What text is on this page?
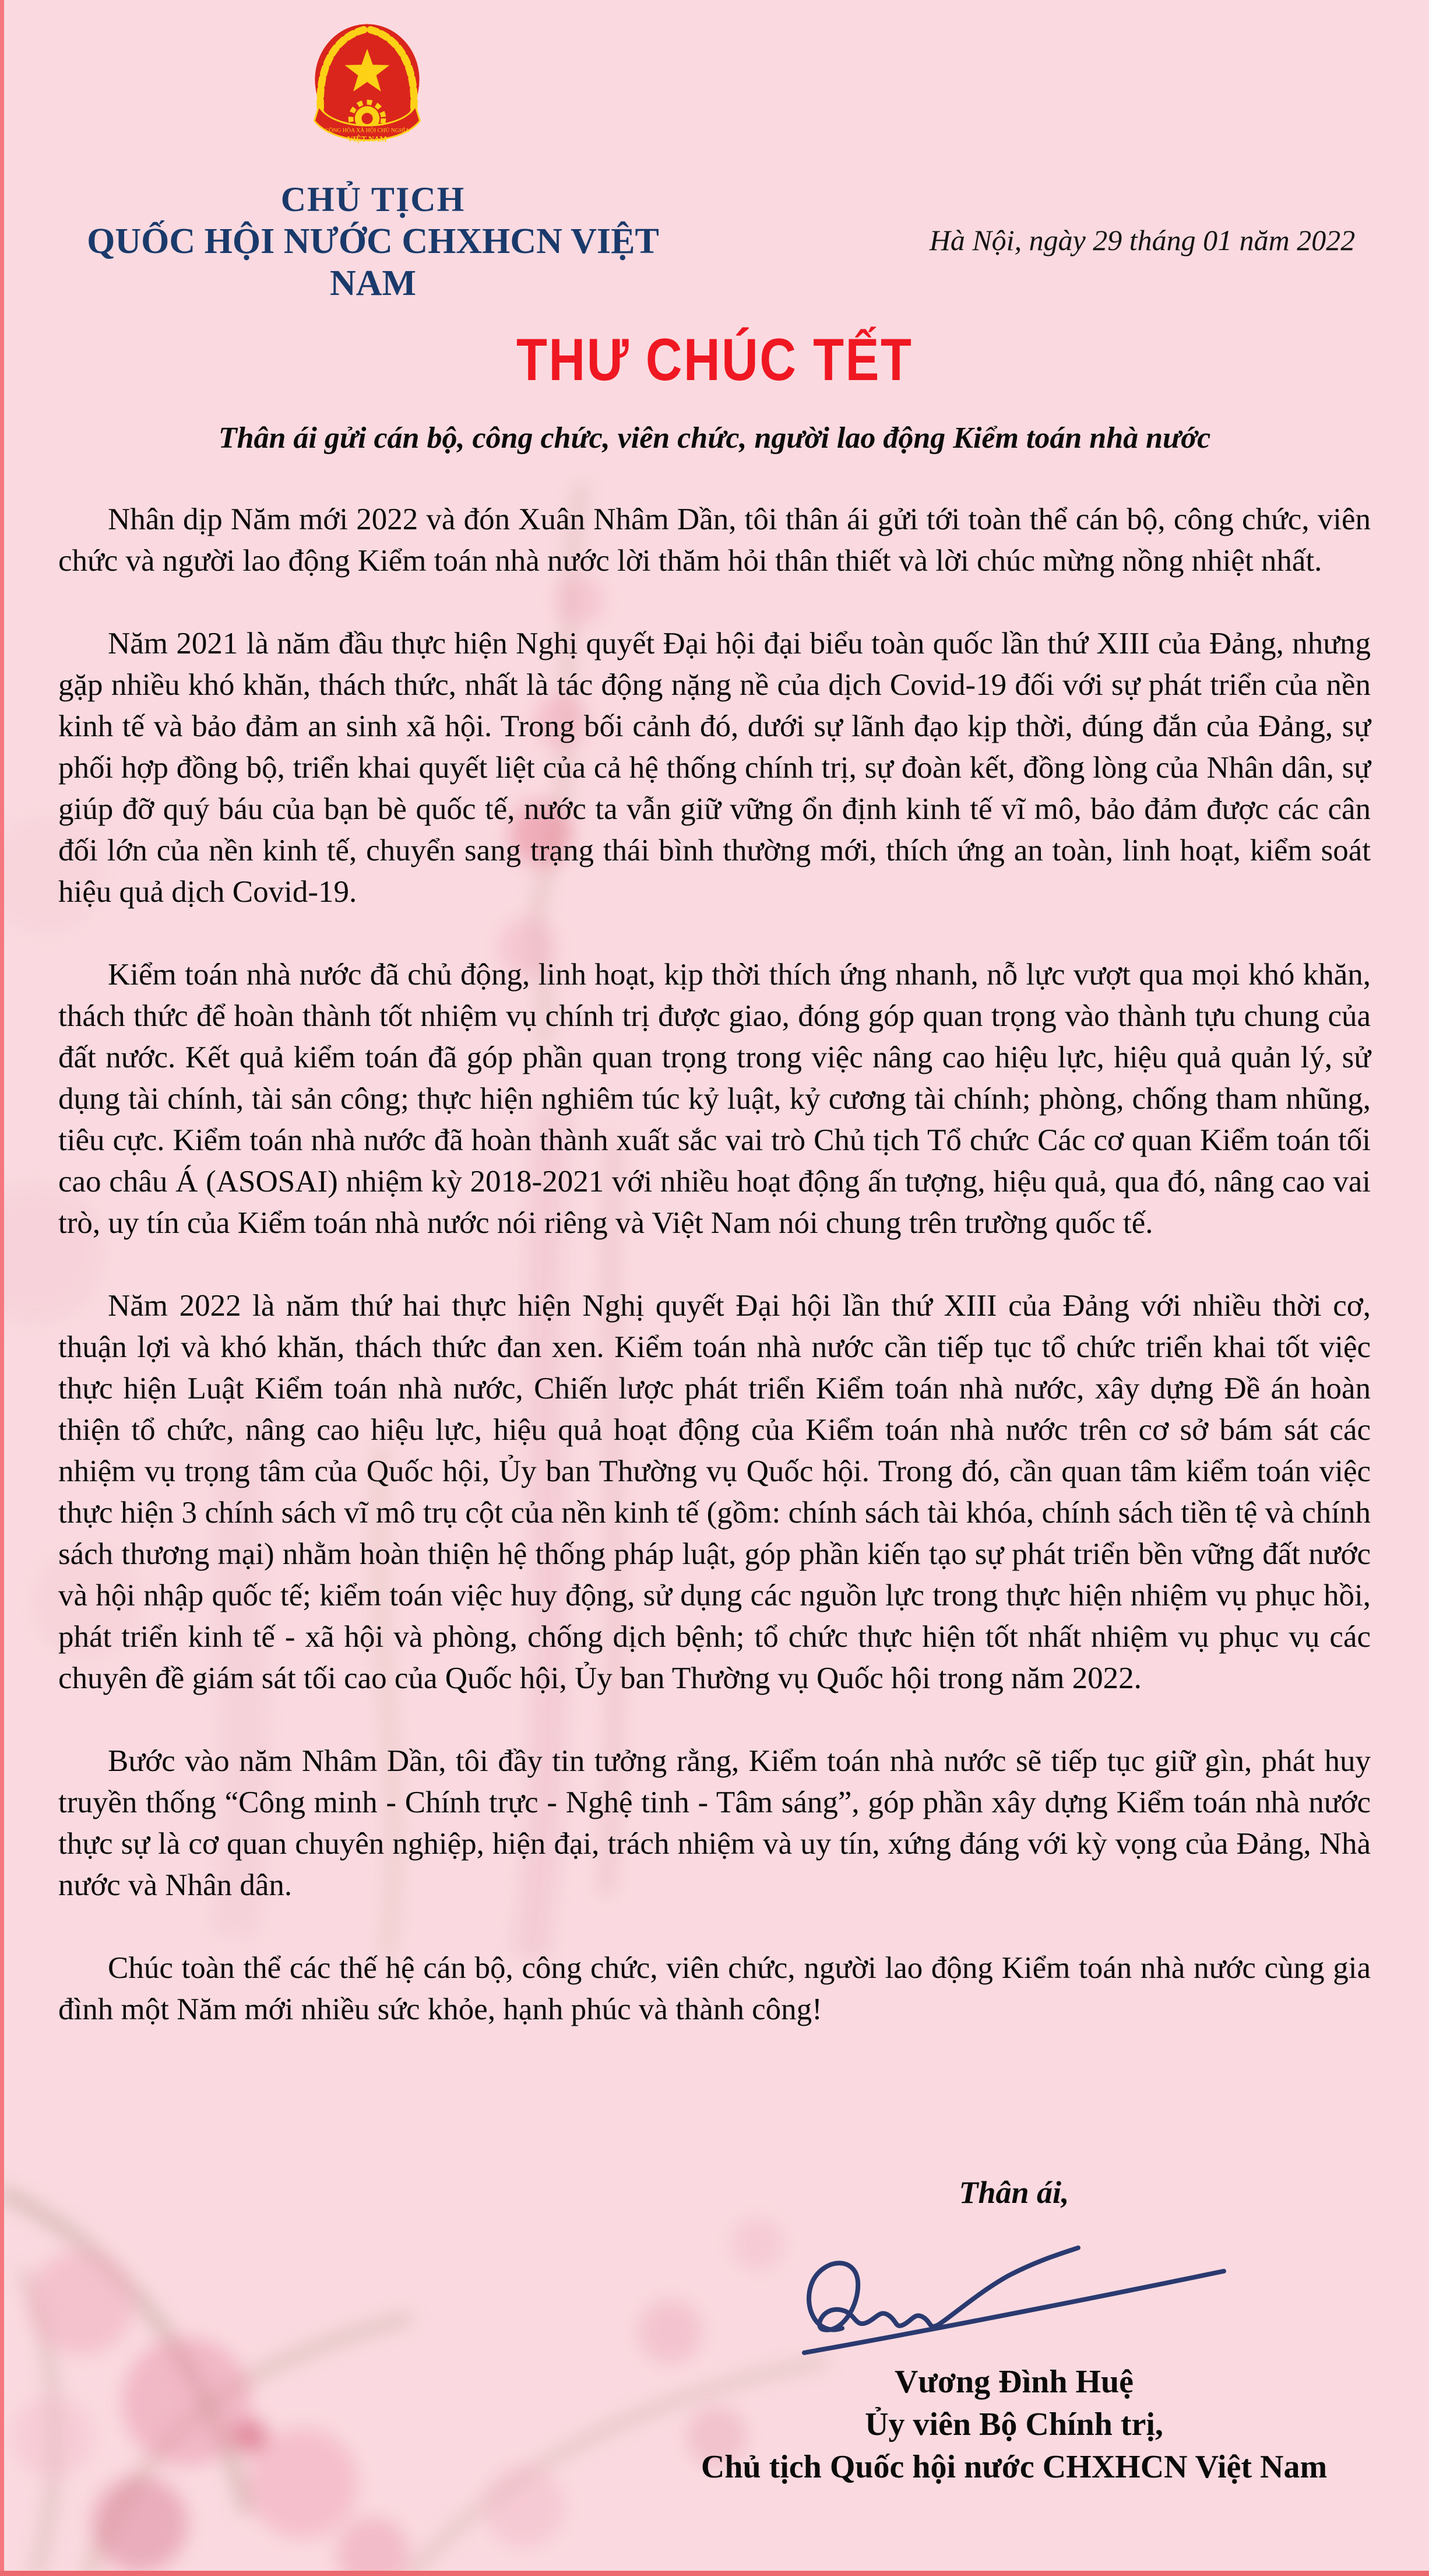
CỘNG HÒA XÃ HỘI CHỦ NGHĨA
VIỆT NAM
CHỦ TỊCH
QUỐC HỘI NƯỚC CHXHCN VIỆT NAM
Hà Nội, ngày 29 tháng 01 năm 2022
THƯ CHÚC TẾT
Thân ái gửi cán bộ, công chức, viên chức, người lao động Kiểm toán nhà nước

Nhân dịp Năm mới 2022 và đón Xuân Nhâm Dần, tôi thân ái gửi tới toàn thể cán bộ, công chức, viên chức và người lao động Kiểm toán nhà nước lời thăm hỏi thân thiết và lời chúc mừng nồng nhiệt nhất.

Năm 2021 là năm đầu thực hiện Nghị quyết Đại hội đại biểu toàn quốc lần thứ XIII của Đảng, nhưng gặp nhiều khó khăn, thách thức, nhất là tác động nặng nề của dịch Covid-19 đối với sự phát triển của nền kinh tế và bảo đảm an sinh xã hội. Trong bối cảnh đó, dưới sự lãnh đạo kịp thời, đúng đắn của Đảng, sự phối hợp đồng bộ, triển khai quyết liệt của cả hệ thống chính trị, sự đoàn kết, đồng lòng của Nhân dân, sự giúp đỡ quý báu của bạn bè quốc tế, nước ta vẫn giữ vững ổn định kinh tế vĩ mô, bảo đảm được các cân đối lớn của nền kinh tế, chuyển sang trạng thái bình thường mới, thích ứng an toàn, linh hoạt, kiểm soát hiệu quả dịch Covid-19.

Kiểm toán nhà nước đã chủ động, linh hoạt, kịp thời thích ứng nhanh, nỗ lực vượt qua mọi khó khăn, thách thức để hoàn thành tốt nhiệm vụ chính trị được giao, đóng góp quan trọng vào thành tựu chung của đất nước. Kết quả kiểm toán đã góp phần quan trọng trong việc nâng cao hiệu lực, hiệu quả quản lý, sử dụng tài chính, tài sản công; thực hiện nghiêm túc kỷ luật, kỷ cương tài chính; phòng, chống tham nhũng, tiêu cực. Kiểm toán nhà nước đã hoàn thành xuất sắc vai trò Chủ tịch Tổ chức Các cơ quan Kiểm toán tối cao châu Á (ASOSAI) nhiệm kỳ 2018-2021 với nhiều hoạt động ấn tượng, hiệu quả, qua đó, nâng cao vai trò, uy tín của Kiểm toán nhà nước nói riêng và Việt Nam nói chung trên trường quốc tế.

Năm 2022 là năm thứ hai thực hiện Nghị quyết Đại hội lần thứ XIII của Đảng với nhiều thời cơ, thuận lợi và khó khăn, thách thức đan xen. Kiểm toán nhà nước cần tiếp tục tổ chức triển khai tốt việc thực hiện Luật Kiểm toán nhà nước, Chiến lược phát triển Kiểm toán nhà nước, xây dựng Đề án hoàn thiện tổ chức, nâng cao hiệu lực, hiệu quả hoạt động của Kiểm toán nhà nước trên cơ sở bám sát các nhiệm vụ trọng tâm của Quốc hội, Ủy ban Thường vụ Quốc hội. Trong đó, cần quan tâm kiểm toán việc thực hiện 3 chính sách vĩ mô trụ cột của nền kinh tế (gồm: chính sách tài khóa, chính sách tiền tệ và chính sách thương mại) nhằm hoàn thiện hệ thống pháp luật, góp phần kiến tạo sự phát triển bền vững đất nước và hội nhập quốc tế; kiểm toán việc huy động, sử dụng các nguồn lực trong thực hiện nhiệm vụ phục hồi, phát triển kinh tế - xã hội và phòng, chống dịch bệnh; tổ chức thực hiện tốt nhất nhiệm vụ phục vụ các chuyên đề giám sát tối cao của Quốc hội, Ủy ban Thường vụ Quốc hội trong năm 2022.

Bước vào năm Nhâm Dần, tôi đầy tin tưởng rằng, Kiểm toán nhà nước sẽ tiếp tục giữ gìn, phát huy truyền thống “Công minh - Chính trực - Nghệ tinh - Tâm sáng”, góp phần xây dựng Kiểm toán nhà nước thực sự là cơ quan chuyên nghiệp, hiện đại, trách nhiệm và uy tín, xứng đáng với kỳ vọng của Đảng, Nhà nước và Nhân dân.

Chúc toàn thể các thế hệ cán bộ, công chức, viên chức, người lao động Kiểm toán nhà nước cùng gia đình một Năm mới nhiều sức khỏe, hạnh phúc và thành công!

Thân ái,
Vương Đình Huệ
Ủy viên Bộ Chính trị,
Chủ tịch Quốc hội nước CHXHCN Việt Nam
